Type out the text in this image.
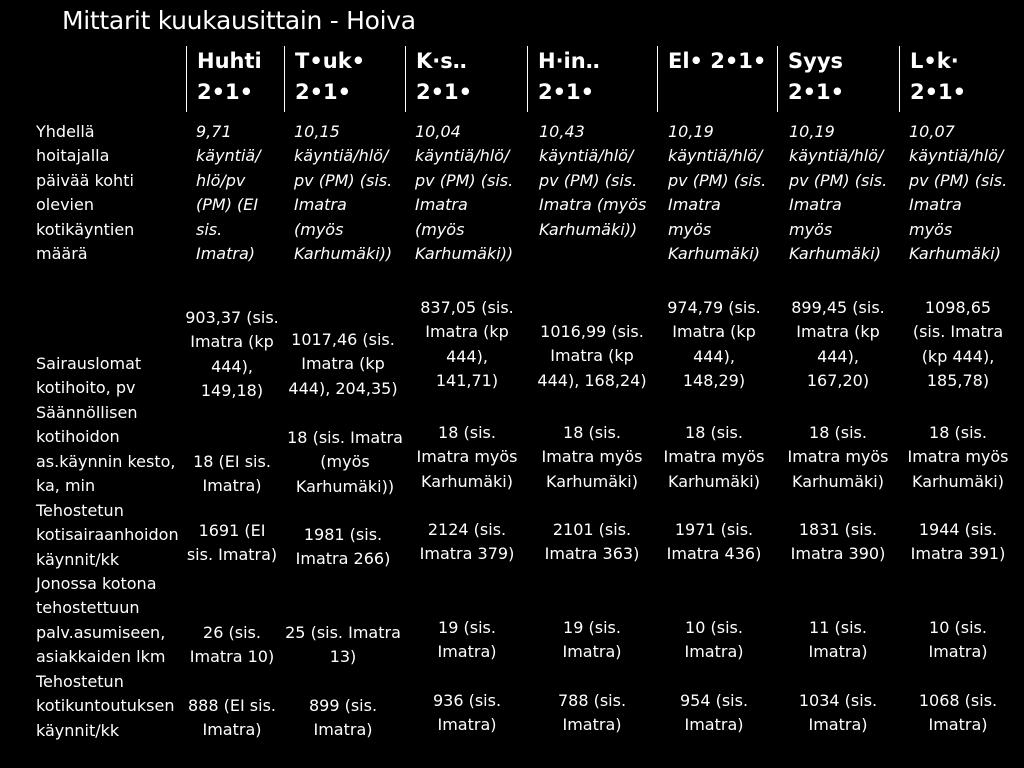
Mittarit kuukausittain - Hoiva
Huhti
2•1•
T•uk•
2•1•
K·s‥
2•1•
H·in‥
2•1•
El• 2•1•	Syys
2•1•
L•k·
2•1•
Yhdellä
hoitajalla
päivää kohti
olevien
kotikäyntien
määrä
Sairauslomat
kotihoito, pv
Säännöllisen
kotihoidon
as.käynnin kesto,
ka, min
Tehostetun
kotisairaanhoidon
käynnit/kk
Jonossa kotona
tehostettuun
palv.asumiseen,
asiakkaiden lkm
Tehostetun
kotikuntoutuksen
käynnit/kk
9,71
käyntiä/
hlö/pv
(PM) (EI
sis.
Imatra)
10,15
käyntiä/hlö/
pv (PM) (sis.
Imatra
(myös
Karhumäki))
10,04
käyntiä/hlö/
pv (PM) (sis.
Imatra
(myös
Karhumäki))
10,43
käyntiä/hlö/
pv (PM) (sis.
Imatra (myös
Karhumäki))
10,19
käyntiä/hlö/
pv (PM) (sis.
Imatra
myös
Karhumäki)
10,19
käyntiä/hlö/
pv (PM) (sis.
Imatra
myös
Karhumäki)
10,07
käyntiä/hlö/
pv (PM) (sis.
Imatra
myös
Karhumäki)
903,37 (sis.
Imatra (kp
444),
149,18)
1017,46 (sis.
Imatra (kp
444), 204,35)
837,05 (sis.
Imatra (kp
444),
141,71)
1016,99 (sis.
Imatra (kp
444), 168,24)
974,79 (sis.
Imatra (kp
444),
148,29)
899,45 (sis.
Imatra (kp
444),
167,20)
1098,65
(sis. Imatra
(kp 444),
185,78)
18 (EI sis.
Imatra)
18 (sis. Imatra
(myös
Karhumäki))
18 (sis.
Imatra myös
Karhumäki)
18 (sis.
Imatra myös
Karhumäki)
18 (sis.
Imatra myös
Karhumäki)
18 (sis.
Imatra myös
Karhumäki)
18 (sis.
Imatra myös
Karhumäki)
1691 (EI
sis. Imatra)
1981 (sis.
Imatra 266)
2124 (sis.
Imatra 379)
2101 (sis.
Imatra 363)
1971 (sis.
Imatra 436)
1831 (sis.
Imatra 390)
1944 (sis.
Imatra 391)
26 (sis.
Imatra 10)
25 (sis. Imatra
13)
19 (sis.
Imatra)
19 (sis.
Imatra)
10 (sis.
Imatra)
11 (sis.
Imatra)
10 (sis.
Imatra)
888 (EI sis.
Imatra)
899 (sis.
Imatra)
936 (sis.
Imatra)
788 (sis.
Imatra)
954 (sis.
Imatra)
1034 (sis.
Imatra)
1068 (sis.
Imatra)
